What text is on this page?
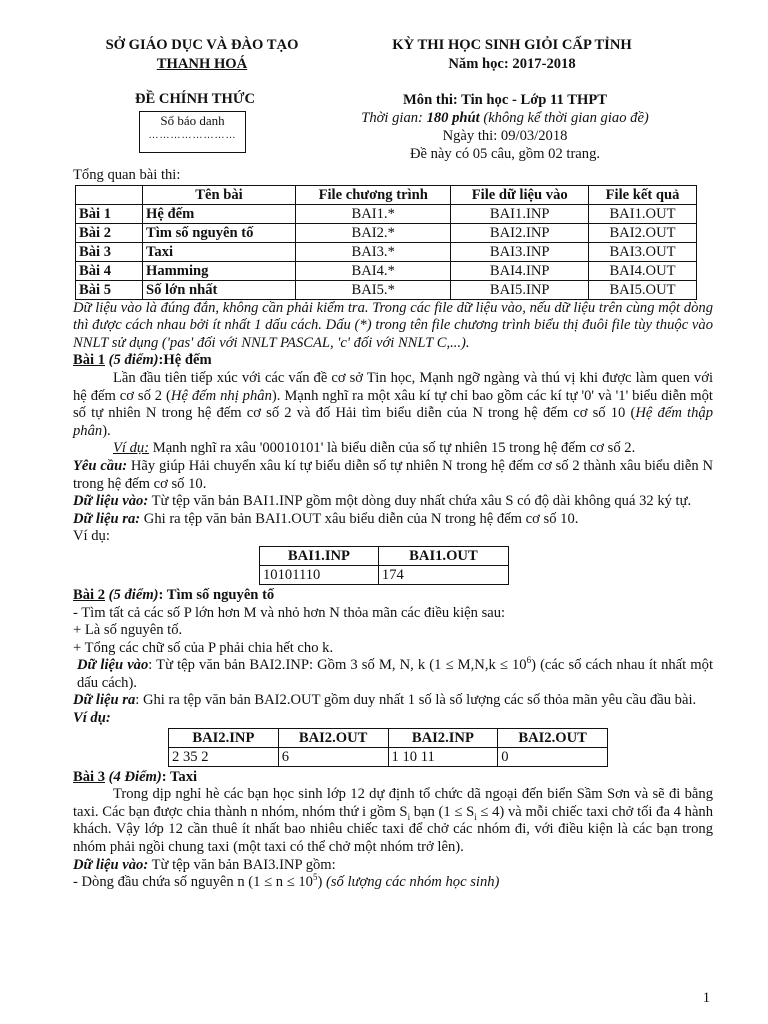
SỞ GIÁO DỤC VÀ ĐÀO TẠO
THANH HOÁ
KỲ THI HỌC SINH GIỎI CẤP TỈNH
Năm học: 2017-2018
ĐỀ CHÍNH THỨC
Số báo danh
……………………
Môn thi: Tin học - Lớp 11 THPT
Thời gian: 180 phút (không kể thời gian giao đề)
Ngày thi: 09/03/2018
Đề này có 05 câu, gồm 02 trang.

Tổng quan bài thi:

	Tên bài	File chương trình	File dữ liệu vào	File kết quả
Bài 1	Hệ đếm	BAI1.*	BAI1.INP	BAI1.OUT
Bài 2	Tìm số nguyên tố	BAI2.*	BAI2.INP	BAI2.OUT
Bài 3	Taxi	BAI3.*	BAI3.INP	BAI3.OUT
Bài 4	Hamming	BAI4.*	BAI4.INP	BAI4.OUT
Bài 5	Số lớn nhất	BAI5.*	BAI5.INP	BAI5.OUT

Dữ liệu vào là đúng đắn, không cần phải kiểm tra. Trong các file dữ liệu vào, nếu dữ liệu trên cùng một dòng thì được cách nhau bởi ít nhất 1 dấu cách. Dấu (*) trong tên file chương trình biểu thị đuôi file tùy thuộc vào NNLT sử dụng ('pas' đối với NNLT PASCAL, 'c' đối với NNLT C,...).

Bài 1 (5 điểm):Hệ đếm

Lần đầu tiên tiếp xúc với các vấn đề cơ sở Tin học, Mạnh ngỡ ngàng và thú vị khi được làm quen với hệ đếm cơ số 2 (Hệ đếm nhị phân). Mạnh nghĩ ra một xâu kí tự chỉ bao gồm các kí tự '0' và '1' biểu diễn một số tự nhiên N trong hệ đếm cơ số 2 và đố Hải tìm biểu diễn của N trong hệ đếm cơ số 10 (Hệ đếm thập phân).

Ví dụ: Mạnh nghĩ ra xâu '00010101' là biểu diễn của số tự nhiên 15 trong hệ đếm cơ số 2.

Yêu cầu: Hãy giúp Hải chuyển xâu kí tự biểu diễn số tự nhiên N trong hệ đếm cơ số 2 thành xâu biểu diễn N trong hệ đếm cơ số 10.

Dữ liệu vào: Từ tệp văn bản BAI1.INP gồm một dòng duy nhất chứa xâu S có độ dài không quá 32 ký tự.

Dữ liệu ra: Ghi ra tệp văn bản BAI1.OUT xâu biểu diễn của N trong hệ đếm cơ số 10.

Ví dụ:

BAI1.INP	BAI1.OUT
10101110	174

Bài 2 (5 điểm): Tìm số nguyên tố

- Tìm tất cả các số P lớn hơn M và nhỏ hơn N thỏa mãn các điều kiện sau:

+ Là số nguyên tố.

+ Tổng các chữ số của P phải chia hết cho k.

Dữ liệu vào: Từ tệp văn bản BAI2.INP: Gồm 3 số M, N, k $(1 \le M,N,k \le 10^6)$ (các số cách nhau ít nhất một dấu cách).

Dữ liệu ra: Ghi ra tệp văn bản BAI2.OUT gồm duy nhất 1 số là số lượng các số thỏa mãn yêu cầu đầu bài.

Ví dụ:

BAI2.INP	BAI2.OUT	BAI2.INP	BAI2.OUT
2 35 2	6	1 10 11	0

Bài 3 (4 Điểm): Taxi

Trong dịp nghỉ hè các bạn học sinh lớp 12 dự định tổ chức dã ngoại đến biển Sầm Sơn và sẽ đi bằng taxi. Các bạn được chia thành n nhóm, nhóm thứ i gồm $S_i$ bạn $(1 \le S_i \le 4)$ và mỗi chiếc taxi chở tối đa 4 hành khách. Vậy lớp 12 cần thuê ít nhất bao nhiêu chiếc taxi để chở các nhóm đi, với điều kiện là các bạn trong nhóm phải ngồi chung taxi (một taxi có thể chở một nhóm trở lên).

Dữ liệu vào: Từ tệp văn bản BAI3.INP gồm:

- Dòng đầu chứa số nguyên n $(1 \le n \le 10^5)$ (số lượng các nhóm học sinh)

1
